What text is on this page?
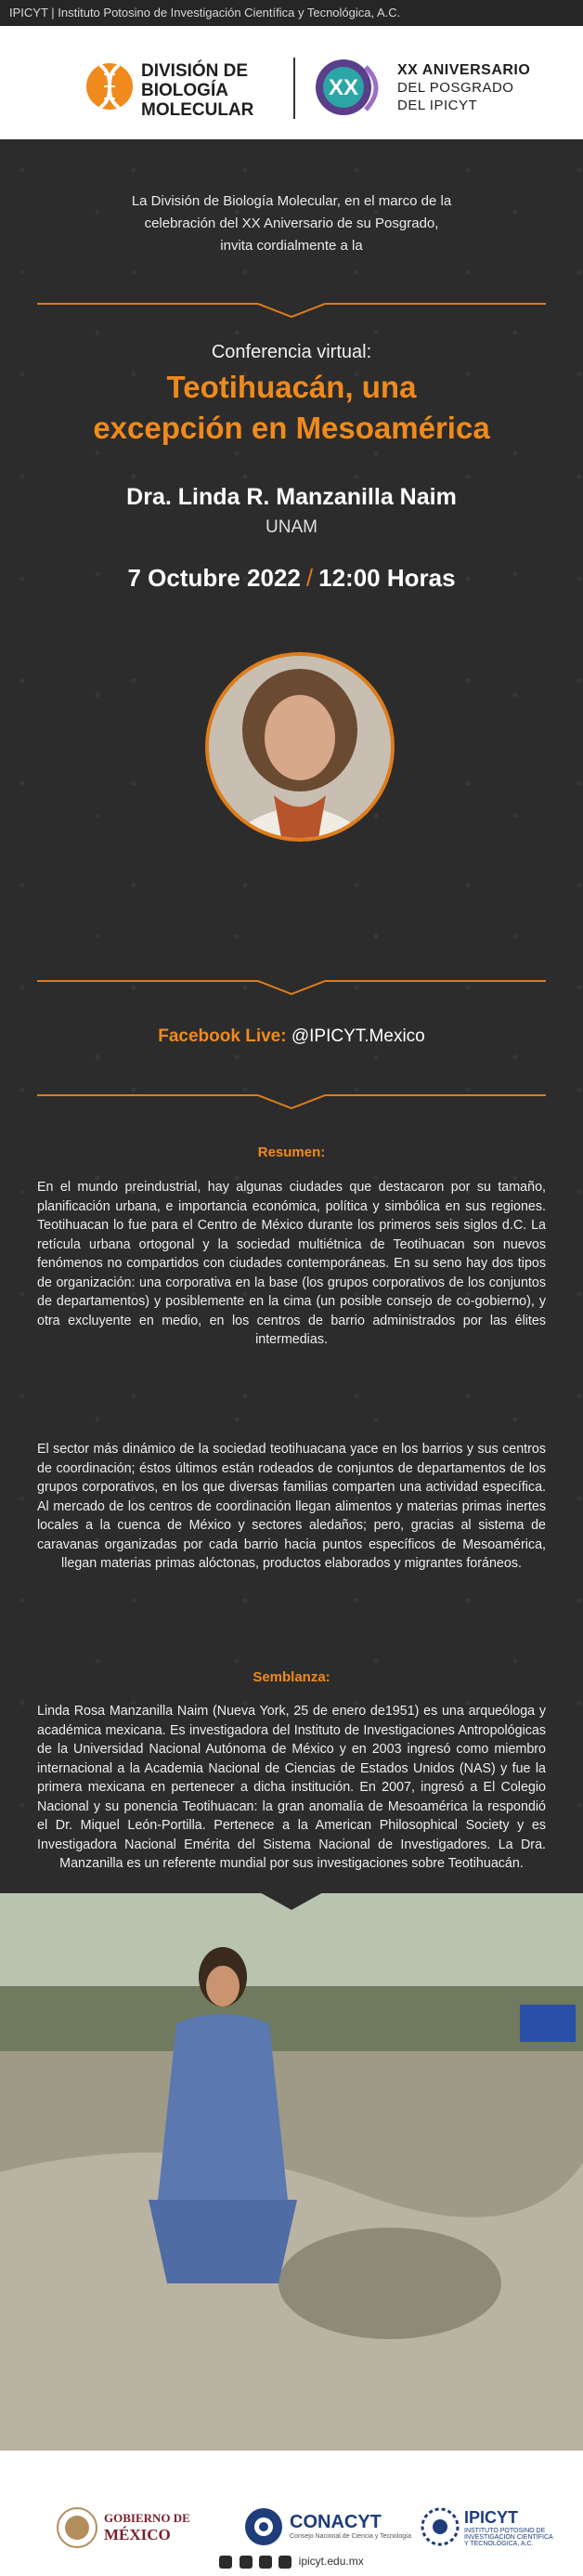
IPICYT | Instituto Potosino de Investigación Científica y Tecnológica, A.C.
DIVISIÓN DE
BIOLOGÍA
MOLECULAR
XX
XX ANIVERSARIO
DEL POSGRADO
DEL IPICYT
La División de Biología Molecular, en el marco de la
celebración del XX Aniversario de su Posgrado,
invita cordialmente a la
Conferencia virtual:
Teotihuacán, una
excepción en Mesoamérica
Dra. Linda R. Manzanilla Naim
UNAM
7 Octubre 2022 / 12:00 Horas
Facebook Live: @IPICYT.Mexico
Resumen:
En el mundo preindustrial, hay algunas ciudades que destacaron por su tamaño, planificación urbana, e importancia económica, política y simbólica en sus regiones. Teotihuacan lo fue para el Centro de México durante los primeros seis siglos d.C. La retícula urbana ortogonal y la sociedad multiétnica de Teotihuacan son nuevos fenómenos no compartidos con ciudades contemporáneas. En su seno hay dos tipos de organización: una corporativa en la base (los grupos corporativos de los conjuntos de departamentos) y posiblemente en la cima (un posible consejo de co-gobierno), y otra excluyente en medio, en los centros de barrio administrados por las élites intermedias.
El sector más dinámico de la sociedad teotihuacana yace en los barrios y sus centros de coordinación; éstos últimos están rodeados de conjuntos de departamentos de los grupos corporativos, en los que diversas familias comparten una actividad específica. Al mercado de los centros de coordinación llegan alimentos y materias primas inertes locales a la cuenca de México y sectores aledaños; pero, gracias al sistema de caravanas organizadas por cada barrio hacia puntos específicos de Mesoamérica, llegan materias primas alóctonas, productos elaborados y migrantes foráneos.
Semblanza:
Linda Rosa Manzanilla Naim (Nueva York, 25 de enero de1951) es una arqueóloga y académica mexicana. Es investigadora del Instituto de Investigaciones Antropológicas de la Universidad Nacional Autónoma de México y en 2003 ingresó como miembro internacional a la Academia Nacional de Ciencias de Estados Unidos (NAS) y fue la primera mexicana en pertenecer a dicha institución. En 2007, ingresó a El Colegio Nacional y su ponencia Teotihuacan: la gran anomalía de Mesoamérica la respondió el Dr. Miquel León-Portilla. Pertenece a la American Philosophical Society y es Investigadora Nacional Emérita del Sistema Nacional de Investigadores. La Dra. Manzanilla es un referente mundial por sus investigaciones sobre Teotihuacán.
GOBIERNO DE
MÉXICO
CONACYT
Consejo Nacional de Ciencia y Tecnología
IPICYT
INSTITUTO POTOSINO DE
INVESTIGACIÓN CIENTÍFICA
Y TECNOLÓGICA, A.C.
ipicyt.edu.mx
